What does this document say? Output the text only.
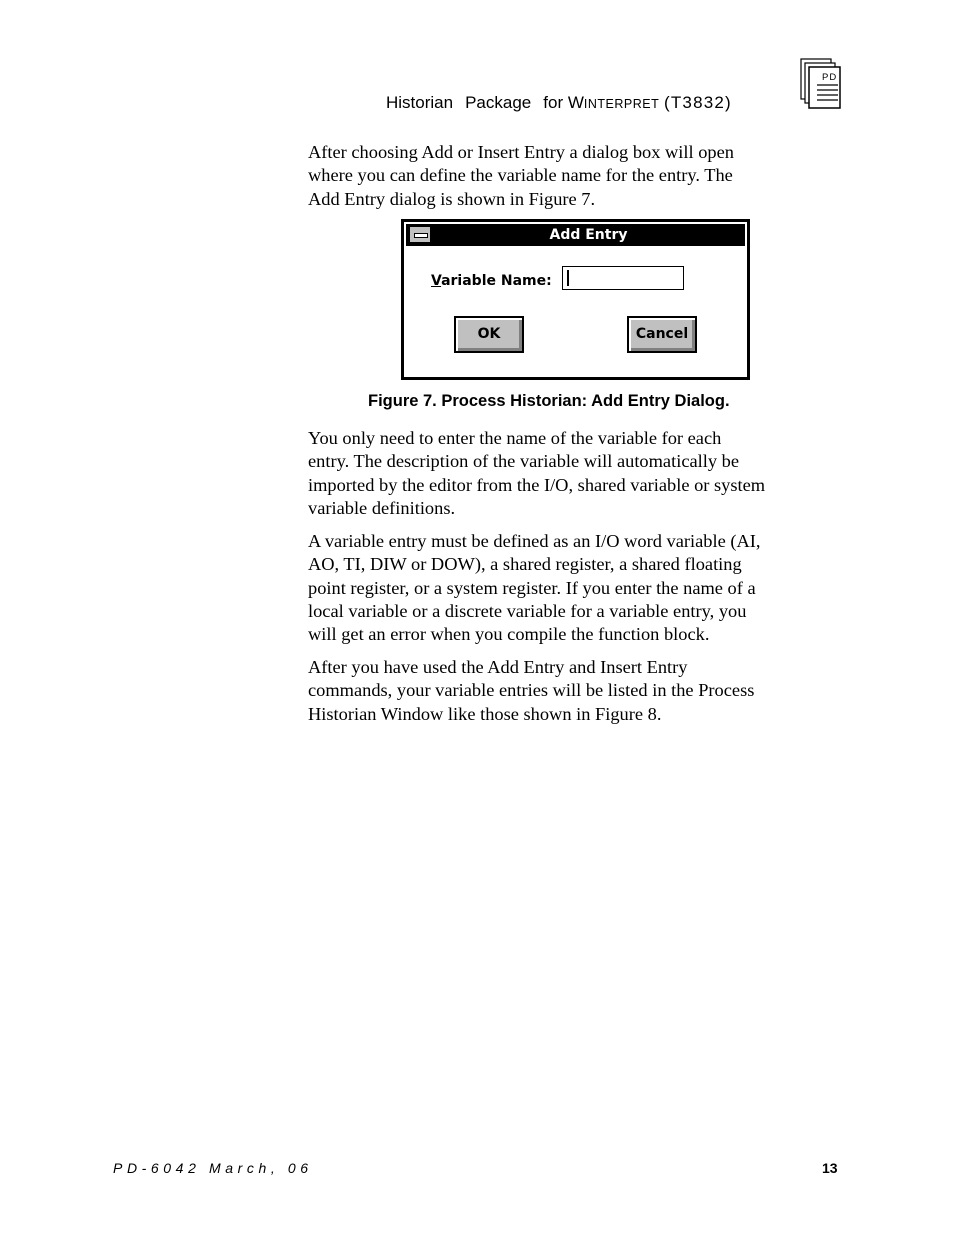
Historian Package for WINTERPRET (T3832)
PD
After choosing Add or Insert Entry a dialog box will open
where you can define the variable name for the entry. The
Add Entry dialog is shown in Figure 7.
Add Entry
Variable Name:
OK	Cancel
Figure 7. Process Historian: Add Entry Dialog.
You only need to enter the name of the variable for each
entry. The description of the variable will automatically be
imported by the editor from the I/O, shared variable or system
variable definitions.
A variable entry must be defined as an I/O word variable (AI,
AO, TI, DIW or DOW), a shared register, a shared floating
point register, or a system register. If you enter the name of a
local variable or a discrete variable for a variable entry, you
will get an error when you compile the function block.
After you have used the Add Entry and Insert Entry
commands, your variable entries will be listed in the Process
Historian Window like those shown in Figure 8.
PD-6042 March, 06	13
